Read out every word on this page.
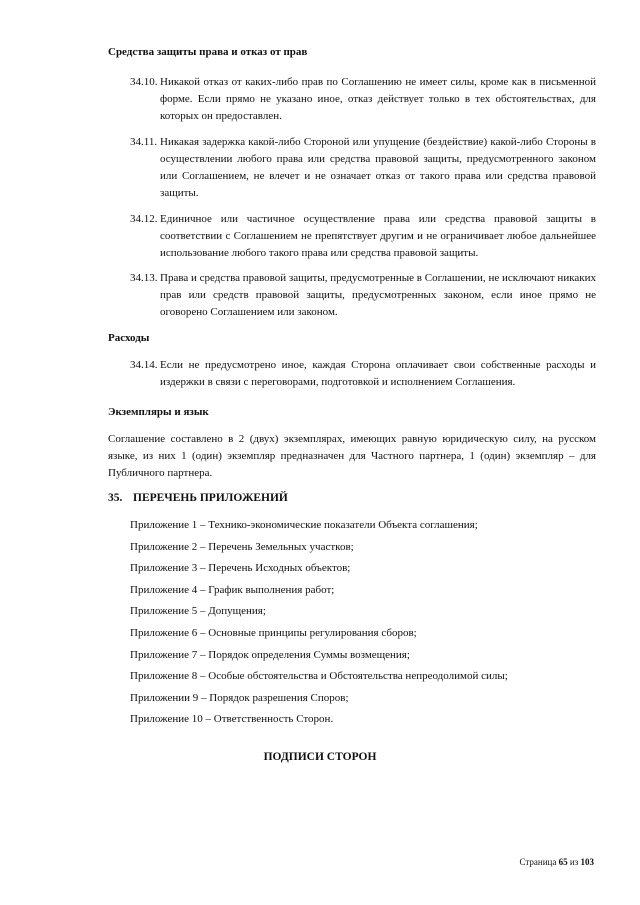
Средства защиты права и отказ от прав
34.10. Никакой отказ от каких-либо прав по Соглашению не имеет силы, кроме как в письменной форме. Если прямо не указано иное, отказ действует только в тех обстоятельствах, для которых он предоставлен.
34.11. Никакая задержка какой-либо Стороной или упущение (бездействие) какой-либо Стороны в осуществлении любого права или средства правовой защиты, предусмотренного законом или Соглашением, не влечет и не означает отказ от такого права или средства правовой защиты.
34.12. Единичное или частичное осуществление права или средства правовой защиты в соответствии с Соглашением не препятствует другим и не ограничивает любое дальнейшее использование любого такого права или средства правовой защиты.
34.13. Права и средства правовой защиты, предусмотренные в Соглашении, не исключают никаких прав или средств правовой защиты, предусмотренных законом, если иное прямо не оговорено Соглашением или законом.
Расходы
34.14. Если не предусмотрено иное, каждая Сторона оплачивает свои собственные расходы и издержки в связи с переговорами, подготовкой и исполнением Соглашения.
Экземпляры и язык
Соглашение составлено в 2 (двух) экземплярах, имеющих равную юридическую силу, на русском языке, из них 1 (один) экземпляр предназначен для Частного партнера, 1 (один) экземпляр – для Публичного партнера.
35. ПЕРЕЧЕНЬ ПРИЛОЖЕНИЙ
Приложение 1 – Технико-экономические показатели Объекта соглашения;
Приложение 2 – Перечень Земельных участков;
Приложение 3 – Перечень Исходных объектов;
Приложение 4 – График выполнения работ;
Приложение 5 – Допущения;
Приложение 6 – Основные принципы регулирования сборов;
Приложение 7 – Порядок определения Суммы возмещения;
Приложение 8 – Особые обстоятельства и Обстоятельства непреодолимой силы;
Приложении 9 – Порядок разрешения Споров;
Приложение 10 – Ответственность Сторон.
ПОДПИСИ СТОРОН
Страница 65 из 103
